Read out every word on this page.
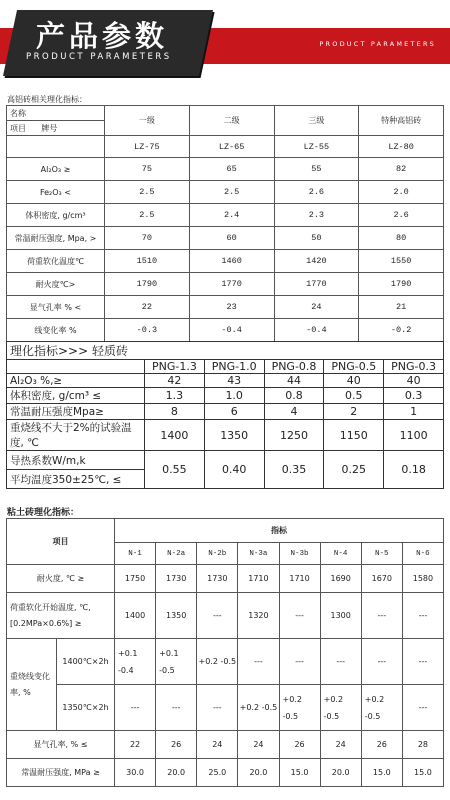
PRODUCT PARAMETERS
产品参数
PRODUCT PARAMETERS
高铝砖相关理化指标：
名称	一级	二级	三级	特种高铝砖
项目 牌号				
	LZ-75	LZ-65	LZ-55	LZ-80
Al₂O₃ ≥	75	65	55	82
Fe₂O₃ <	2.5	2.5	2.6	2.0
体积密度, g/cm³	2.5	2.4	2.3	2.6
常温耐压强度, Mpa, >	70	60	50	80
荷重软化温度℃	1510	1460	1420	1550
耐火度℃>	1790	1770	1770	1790
显气孔率 % <	22	23	24	21
线变化率 %	-0.3	-0.4	-0.4	-0.2
理化指标>>> 轻质砖					
	PNG-1.3	PNG-1.0	PNG-0.8	PNG-0.5	PNG-0.3
Al₂O₃ %,≥	42	43	44	40	40
体积密度, g/cm³ ≤	1.3	1.0	0.8	0.5	0.3
常温耐压强度Mpa≥	8	6	4	2	1
重烧线不大于2%的试验温度, ℃	1400	1350	1250	1150	1100
导热系数W/m,k	0.55	0.40	0.35	0.25	0.18
平均温度350±25℃, ≤					
粘土砖理化指标：
项目		指标							
		N-1	N-2a	N-2b	N-3a	N-3b	N-4	N-5	N-6
耐火度, ℃ ≥		1750	1730	1730	1710	1710	1690	1670	1580
荷重软化开始温度, ℃, [0.2MPa×0.6%] ≥		1400	1350	---	1320	---	1300	---	---
重烧线变化率, %	1400℃×2h	+0.1 -0.4	+0.1 -0.5	+0.2 -0.5	---	---	---	---	---
	1350℃×2h	---	---	---	+0.2 -0.5	+0.2 -0.5	+0.2 -0.5	+0.2 -0.5	---
显气孔率, % ≤		22	26	24	24	26	24	26	28
常温耐压强度, MPa ≥		30.0	20.0	25.0	20.0	15.0	20.0	15.0	15.0
